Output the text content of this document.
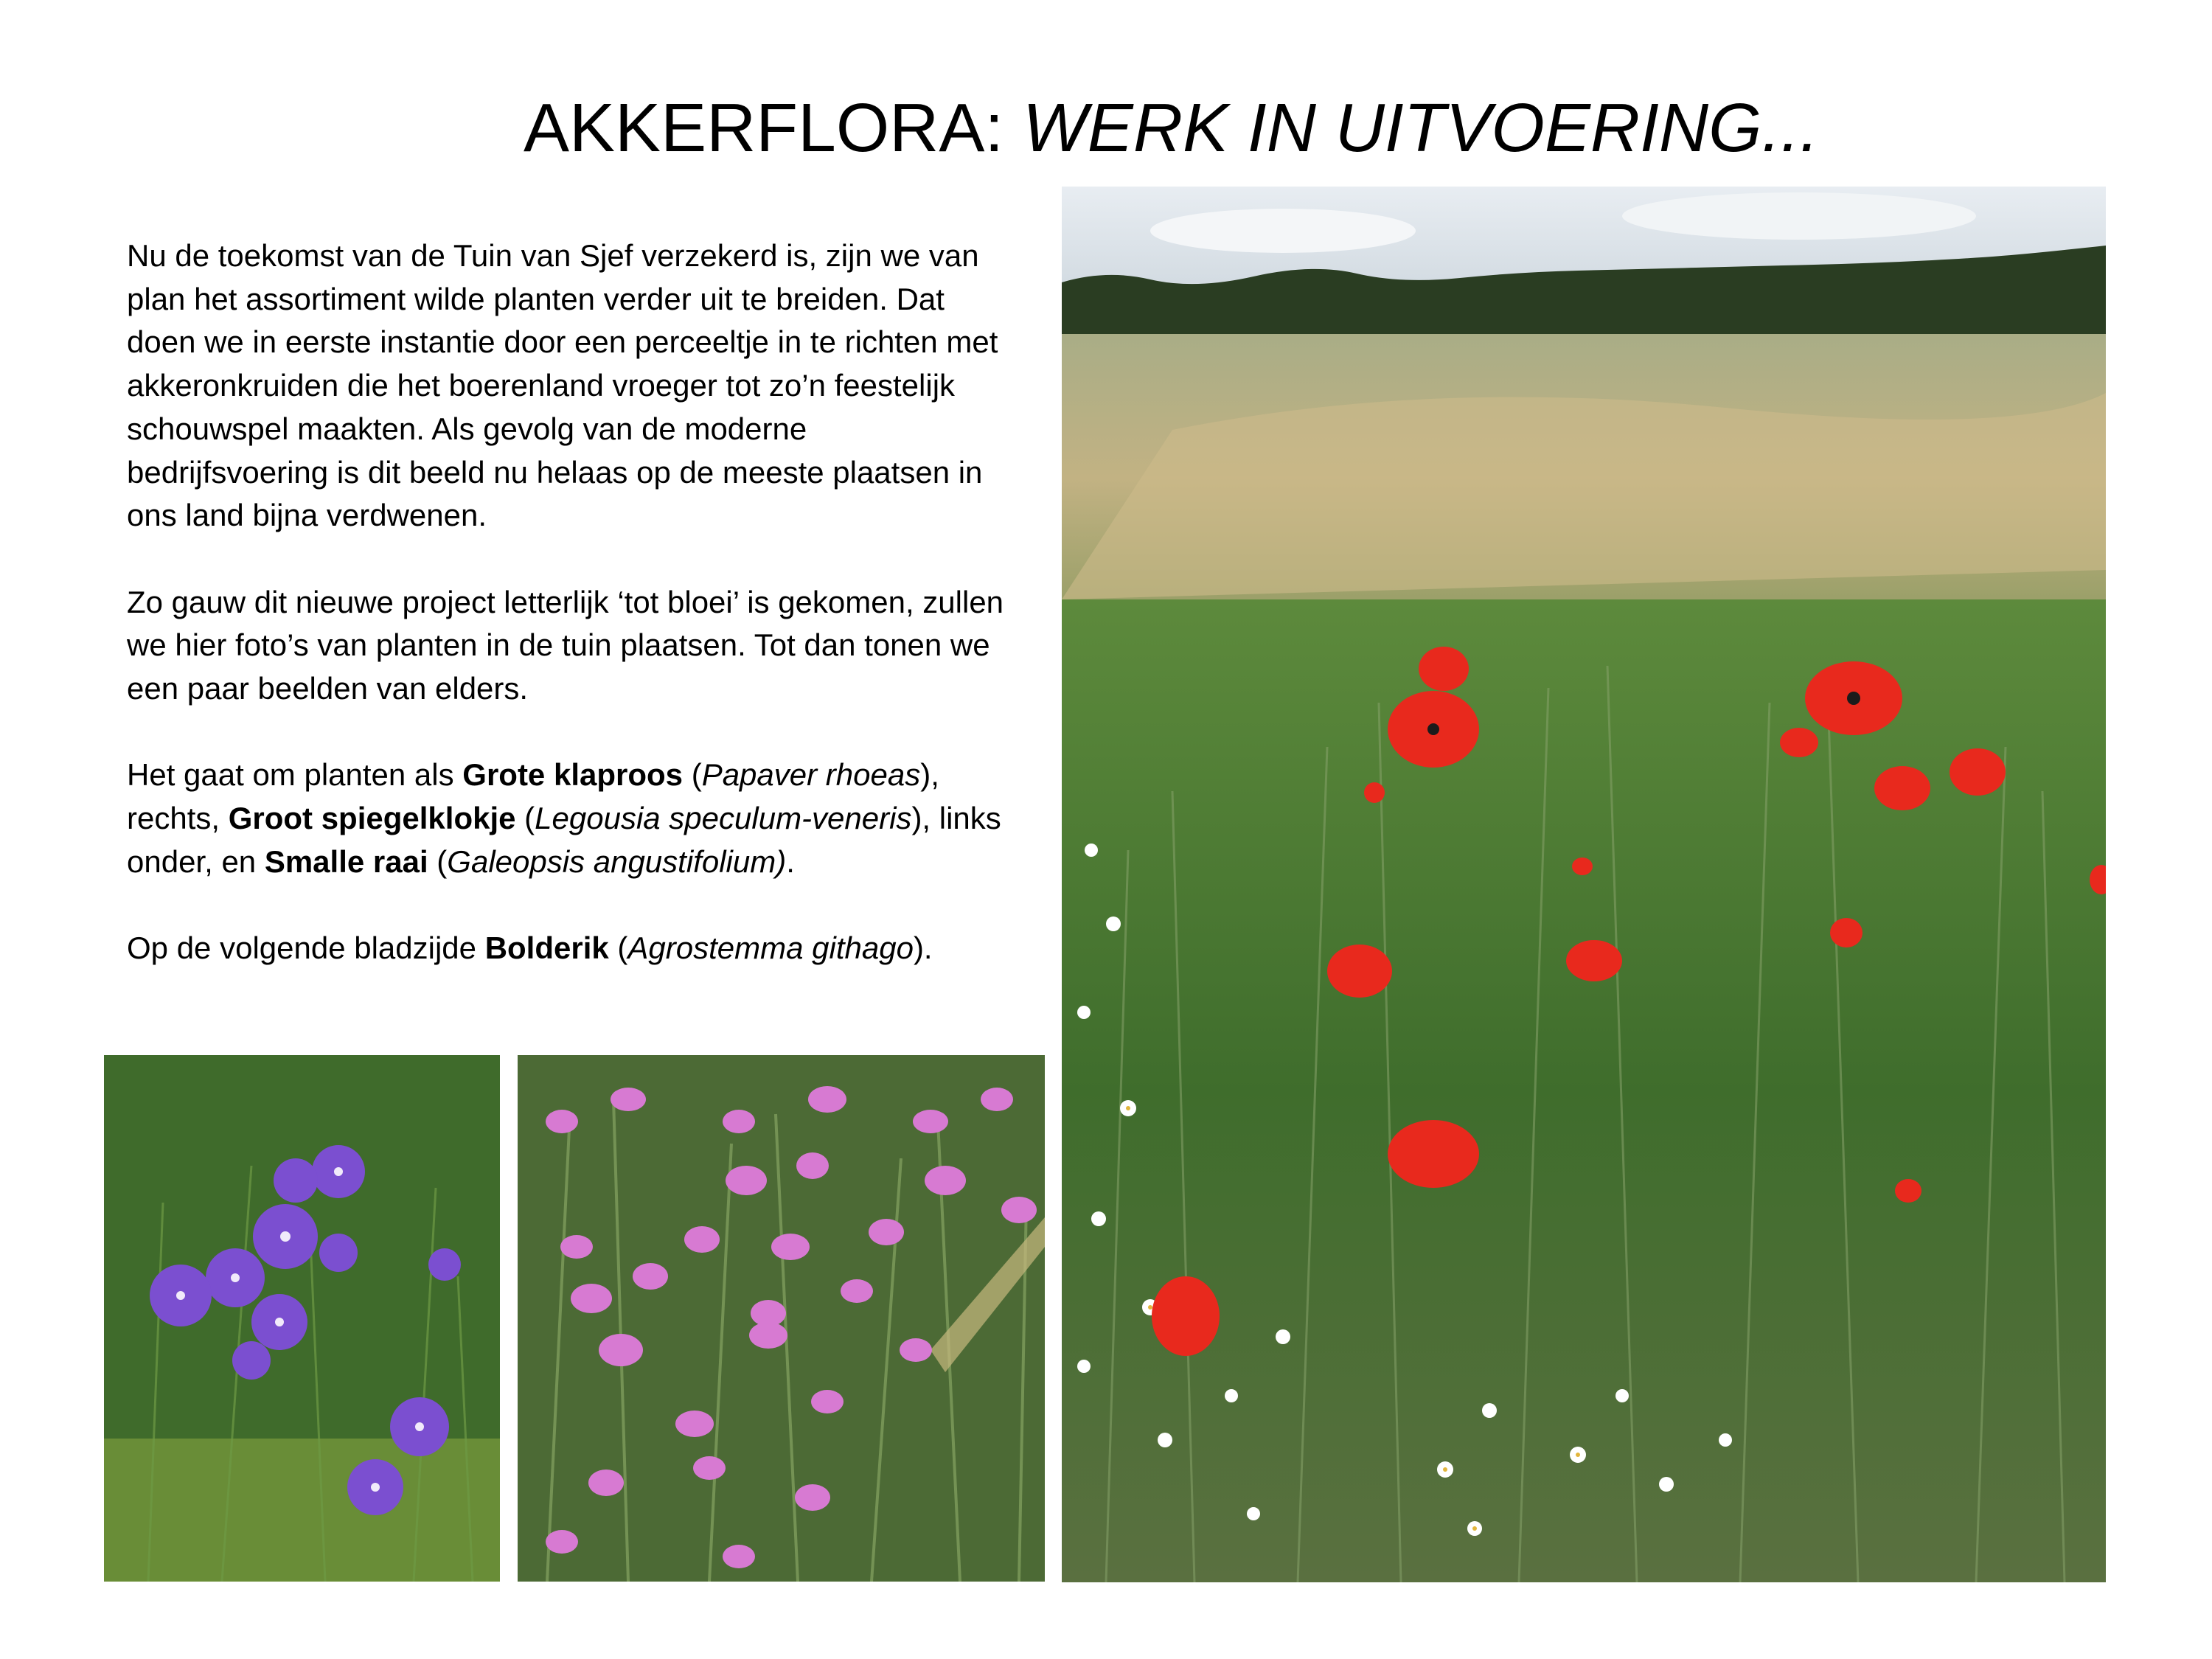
AKKERFLORA: WERK IN UITVOERING...

Nu de toekomst van de Tuin van Sjef verzekerd is, zijn we van plan het assortiment wilde planten verder uit te breiden. Dat doen we in eerste instantie door een perceeltje in te richten met akkeronkruiden die het boerenland vroeger tot zo’n feestelijk schouwspel maakten. Als gevolg van de moderne bedrijfsvoering is dit beeld nu helaas op de meeste plaatsen in ons land bijna verdwenen.

Zo gauw dit nieuwe project letterlijk ‘tot bloei’ is gekomen, zullen we hier foto’s van planten in de tuin plaatsen. Tot dan tonen we een paar beelden van elders.

Het gaat om planten als Grote klaproos (Papaver rhoeas), rechts, Groot spiegelklokje (Legousia speculum-veneris), links onder, en Smalle raai (Galeopsis angustifolium).

Op de volgende bladzijde Bolderik (Agrostemma githago).
